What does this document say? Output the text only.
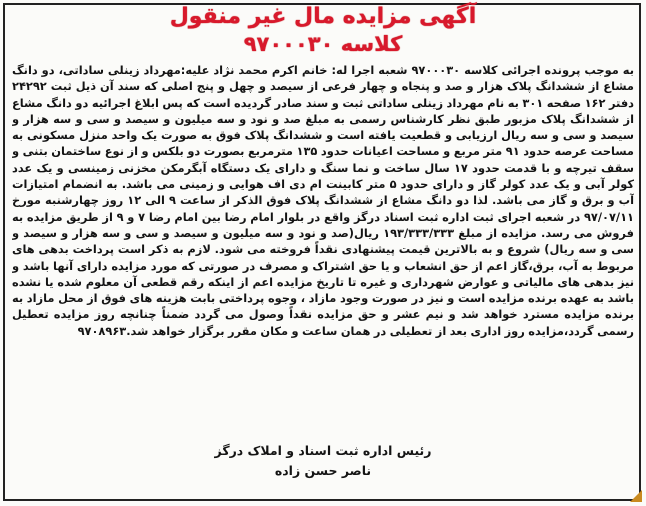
آگهی مزایده مال غیر منقول
کلاسه ۹۷۰۰۰۳۰
به موجب پرونده اجرائی کلاسه ۹۷۰۰۰۳۰ شعبه اجرا له: خانم اکرم محمد نژاد علیه:مهرداد زینلی ساداتی، دو دانگ مشاع از ششدانگ پلاک هزار و صد و پنجاه و چهار فرعی از سیصد و چهل و پنج اصلی که سند آن ذیل ثبت ۲۴۲۹۲ دفتر ۱۶۲ صفحه ۳۰۱ به نام مهرداد زینلی ساداتی ثبت و سند صادر گردیده است که پس ابلاغ اجرائیه دو دانگ مشاع از ششدانگ پلاک مزبور طبق نظر کارشناس رسمی به مبلغ صد و نود و سه میلیون و سیصد و سی و سه هزار و سیصد و سی و سه ریال ارزیابی و قطعیت یافته است و ششدانگ پلاک فوق به صورت یک واحد منزل مسکونی به مساحت عرصه حدود ۹۱ متر مربع و مساحت اعیانات حدود ۱۳۵ مترمربع بصورت دو بلکس و از نوع ساختمان بتنی و سقف تیرچه و با قدمت حدود ۱۷ سال ساخت و نما سنگ و دارای یک دستگاه آبگرمکن مخزنی زمینسی و یک عدد کولر آبی و یک عدد کولر گاز و دارای حدود ۵ متر کابینت ام دی اف هوایی و زمینی می باشد. به انضمام امتیازات آب و برق و گاز می باشد. لذا دو دانگ مشاع از ششدانگ پلاک فوق الذکر از ساعت ۹ الی ۱۲ روز چهارشنبه مورخ ۹۷/۰۷/۱۱ در شعبه اجرای ثبت اداره ثبت اسناد درگز واقع در بلوار امام رضا بین امام رضا ۷ و ۹ از طریق مزایده به فروش می رسد. مزایده از مبلغ ۱۹۳/۳۳۳/۳۳۳ ریال(صد و نود و سه میلیون و سیصد و سی و سه هزار و سیصد و سی و سه ریال) شروع و به بالاترین قیمت پیشنهادی نقداً فروخته می شود. لازم به ذکر است پرداخت بدهی های مربوط به آب، برق،گاز اعم از حق انشعاب و یا حق اشتراک و مصرف در صورتی که مورد مزایده دارای آنها باشد و نیز بدهی های مالیاتی و عوارض شهرداری و غیره تا تاریخ مزایده اعم از اینکه رقم قطعی آن معلوم شده یا نشده باشد به عهده برنده مزایده است و نیز در صورت وجود مازاد ، وجوه پرداختی بابت هزینه های فوق از محل مازاد به برنده مزایده مسترد خواهد شد و نیم عشر و حق مزایده نقداً وصول می گردد ضمناً چنانچه روز مزایده تعطیل رسمی گردد،مزایده روز اداری بعد از تعطیلی در همان ساعت و مکان مقرر برگزار خواهد شد.۹۷۰۸۹۶۳
رئیس اداره ثبت اسناد و املاک درگز
ناصر حسن زاده
